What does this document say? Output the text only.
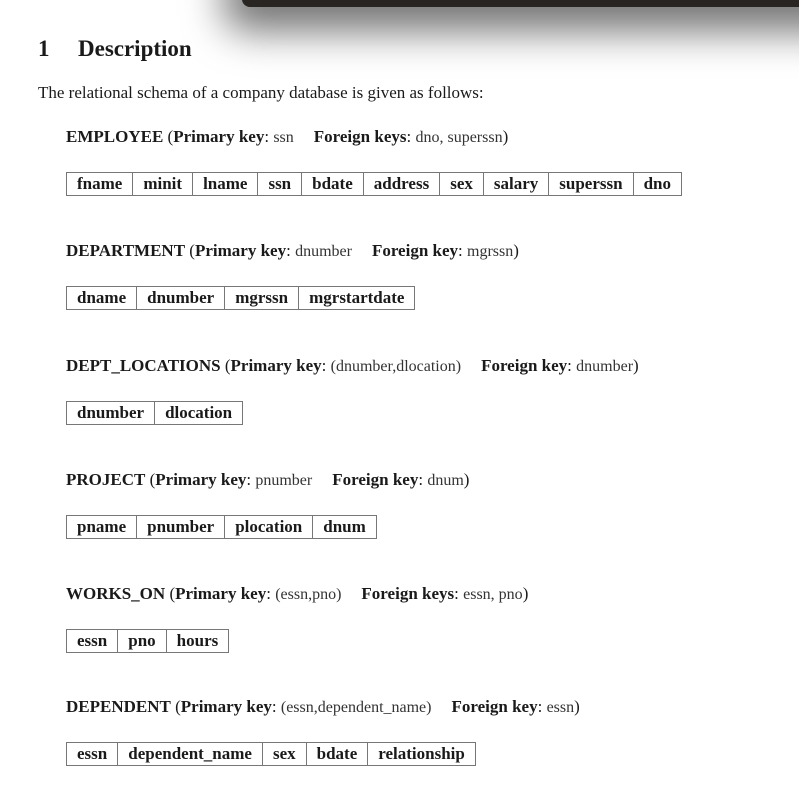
1 Description
The relational schema of a company database is given as follows:
EMPLOYEE (Primary key: ssn Foreign keys: dno, superssn)
fname	minit	lname	ssn	bdate	address	sex	salary	superssn	dno
DEPARTMENT (Primary key: dnumber Foreign key: mgrssn)
dname	dnumber	mgrssn	mgrstartdate
DEPT_LOCATIONS (Primary key: (dnumber,dlocation) Foreign key: dnumber)
dnumber	dlocation
PROJECT (Primary key: pnumber Foreign key: dnum)
pname	pnumber	plocation	dnum
WORKS_ON (Primary key: (essn,pno) Foreign keys: essn, pno)
essn	pno	hours
DEPENDENT (Primary key: (essn,dependent_name) Foreign key: essn)
essn	dependent_name	sex	bdate	relationship
